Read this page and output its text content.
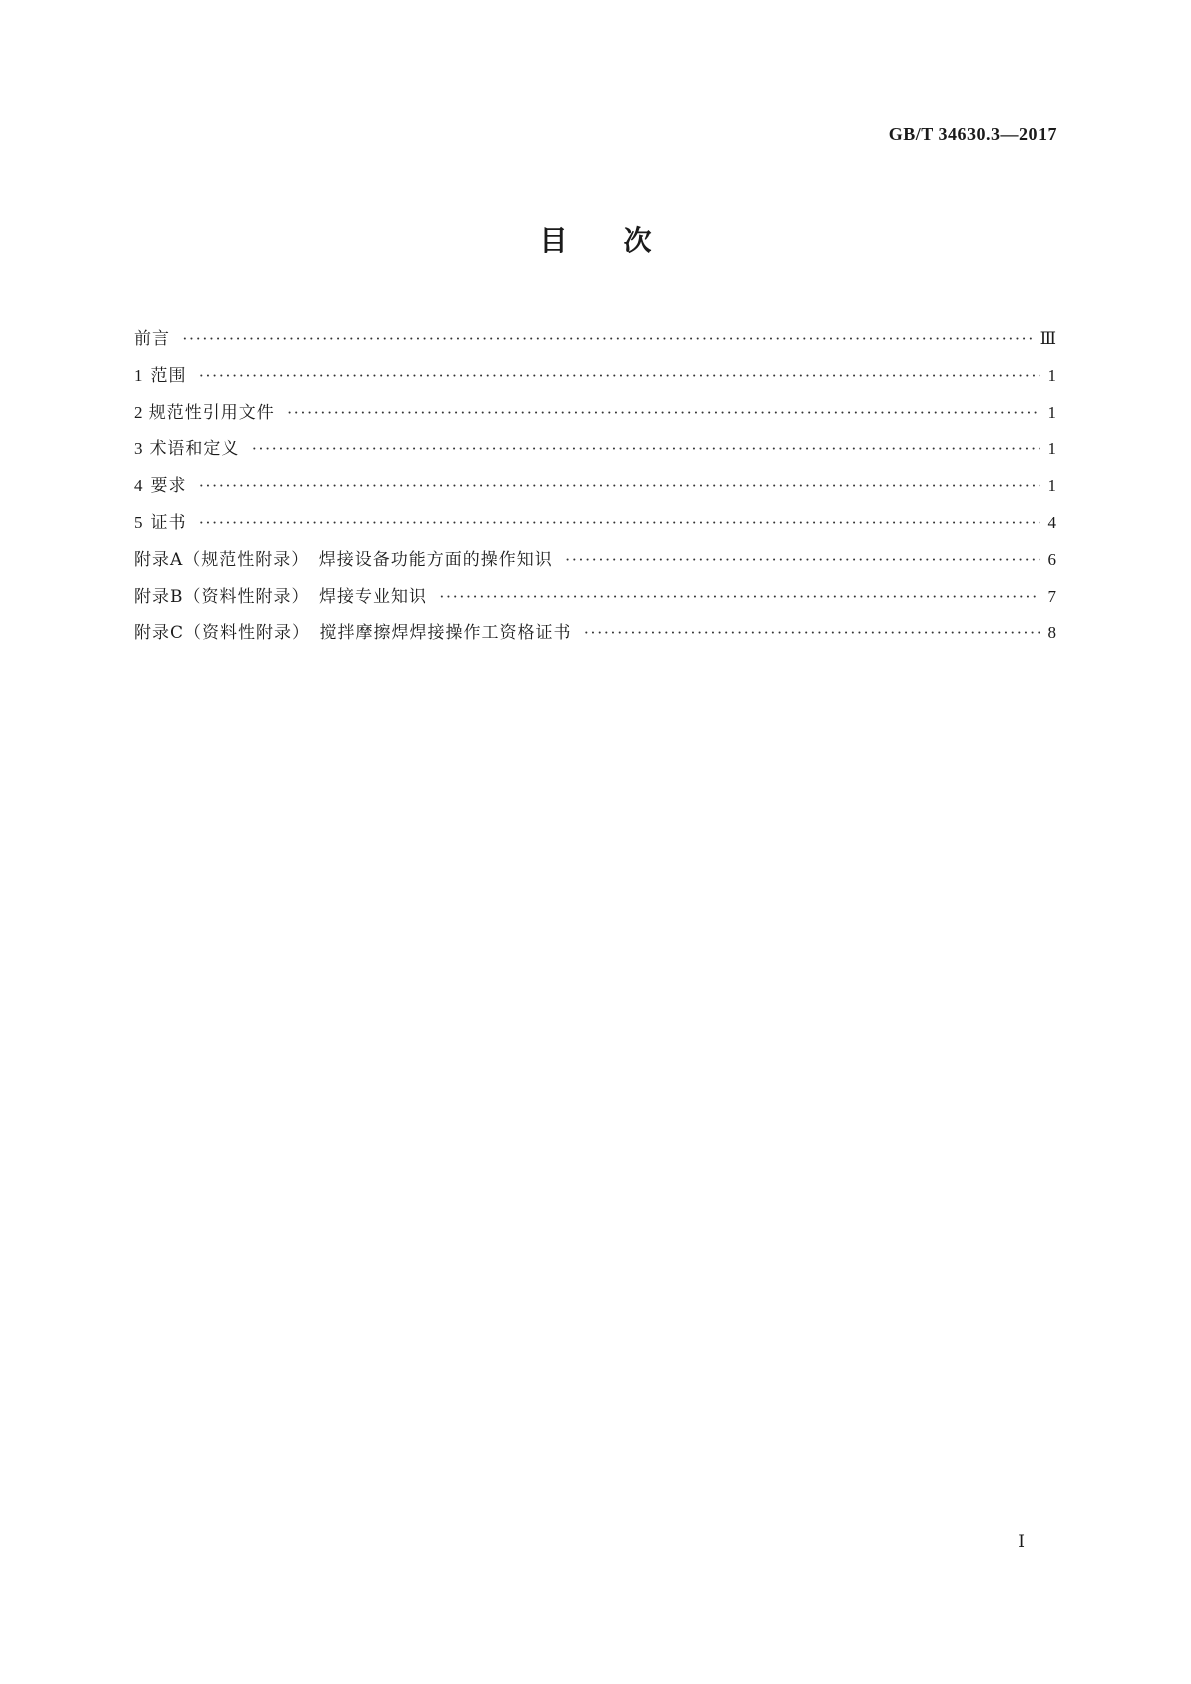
GB/T 34630.3—2017
目次
前言 ·····	Ⅲ
1 范围 ·····	1
2 规范性引用文件 ·····	1
3 术语和定义 ·····	1
4 要求 ·····	1
5 证书 ·····	4
附录A（规范性附录）　焊接设备功能方面的操作知识 ·····	6
附录B（资料性附录）　焊接专业知识 ·····	7
附录C（资料性附录）　搅拌摩擦焊焊接操作工资格证书 ·····	8
Ⅰ
